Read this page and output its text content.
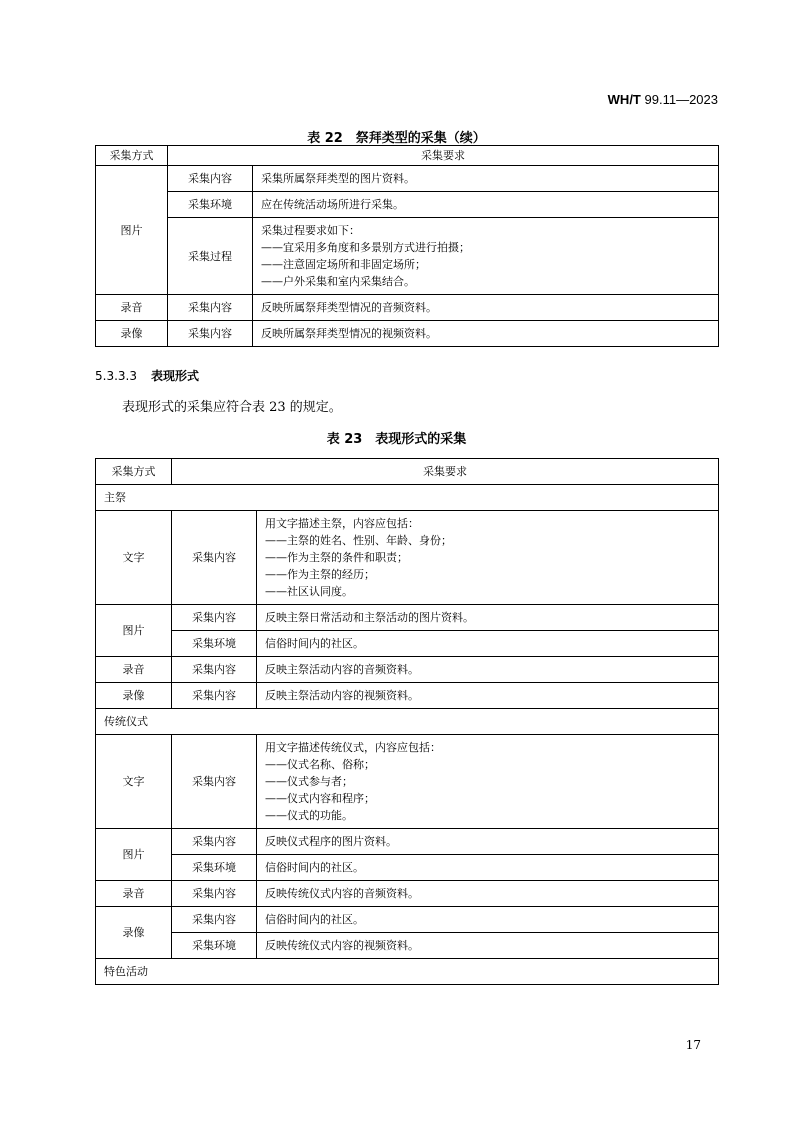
WH/T 99.11—2023
表 22　祭拜类型的采集（续）
采集方式	采集要求	
图片	采集内容	采集所属祭拜类型的图片资料。
	采集环境	应在传统活动场所进行采集。
	采集过程	采集过程要求如下：
——宜采用多角度和多景别方式进行拍摄；
——注意固定场所和非固定场所；
——户外采集和室内采集结合。

录音	采集内容	反映所属祭拜类型情况的音频资料。
录像	采集内容	反映所属祭拜类型情况的视频资料。
5.3.3.3 表现形式
表现形式的采集应符合表 23 的规定。
表 23　表现形式的采集
采集方式	采集要求	
主祭		
文字	采集内容	用文字描述主祭，内容应包括：
——主祭的姓名、性别、年龄、身份；
——作为主祭的条件和职责；
——作为主祭的经历；
——社区认同度。

图片	采集内容	反映主祭日常活动和主祭活动的图片资料。
	采集环境	信俗时间内的社区。
录音	采集内容	反映主祭活动内容的音频资料。
录像	采集内容	反映主祭活动内容的视频资料。
传统仪式		
文字	采集内容	用文字描述传统仪式，内容应包括：
——仪式名称、俗称；
——仪式参与者；
——仪式内容和程序；
——仪式的功能。

图片	采集内容	反映仪式程序的图片资料。
	采集环境	信俗时间内的社区。
录音	采集内容	反映传统仪式内容的音频资料。
录像	采集内容	信俗时间内的社区。
	采集环境	反映传统仪式内容的视频资料。
特色活动		
17
